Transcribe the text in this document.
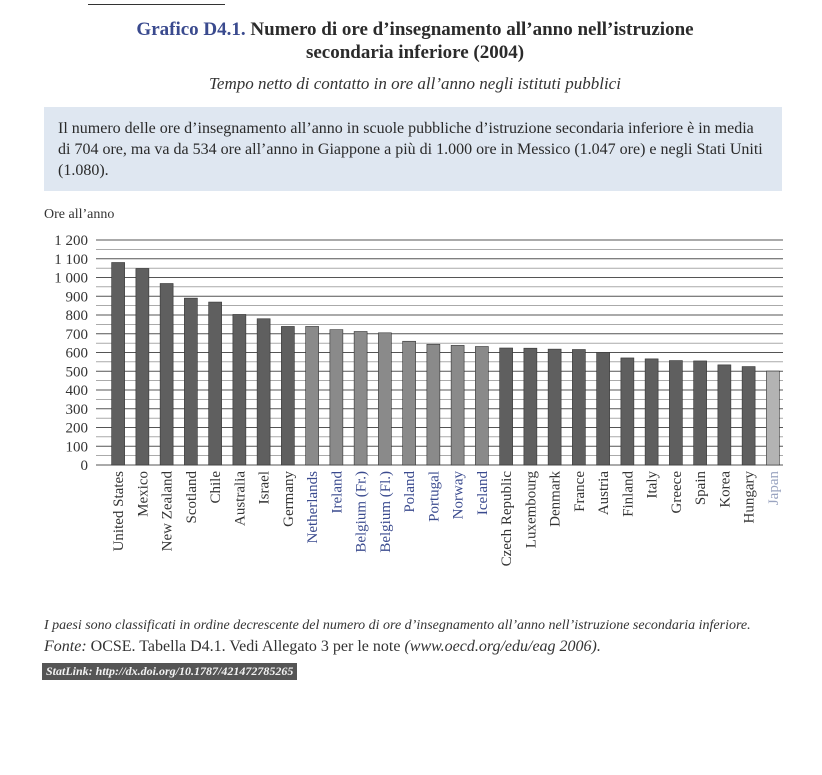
Grafico D4.1. Numero di ore d’insegnamento all’anno nell’istruzione
secondaria inferiore (2004)
Tempo netto di contatto in ore all’anno negli istituti pubblici

Il numero delle ore d’insegnamento all’anno in scuole pubbliche d’istruzione secondaria inferiore è in media di 704 ore, ma va da 534 ore all’anno in Giappone a più di 1.000 ore in Messico (1.047 ore) e negli Stati Uniti (1.080).

Ore all’anno
0
100
200
300
400
500
600
700
800
900
1 000
1 100
1 200
United States Mexico New Zealand Scotland Chile Australia Israel Germany Netherlands Ireland Belgium (Fr.) Belgium (Fl.) Poland Portugal Norway Iceland Czech Republic Luxembourg Denmark France Austria Finland Italy Greece Spain Korea Hungary Japan
I paesi sono classificati in ordine decrescente del numero di ore d’insegnamento all’anno nell’istruzione secondaria inferiore.
Fonte: OCSE. Tabella D4.1. Vedi Allegato 3 per le note (www.oecd.org/edu/eag 2006).
StatLink: http://dx.doi.org/10.1787/421472785265
